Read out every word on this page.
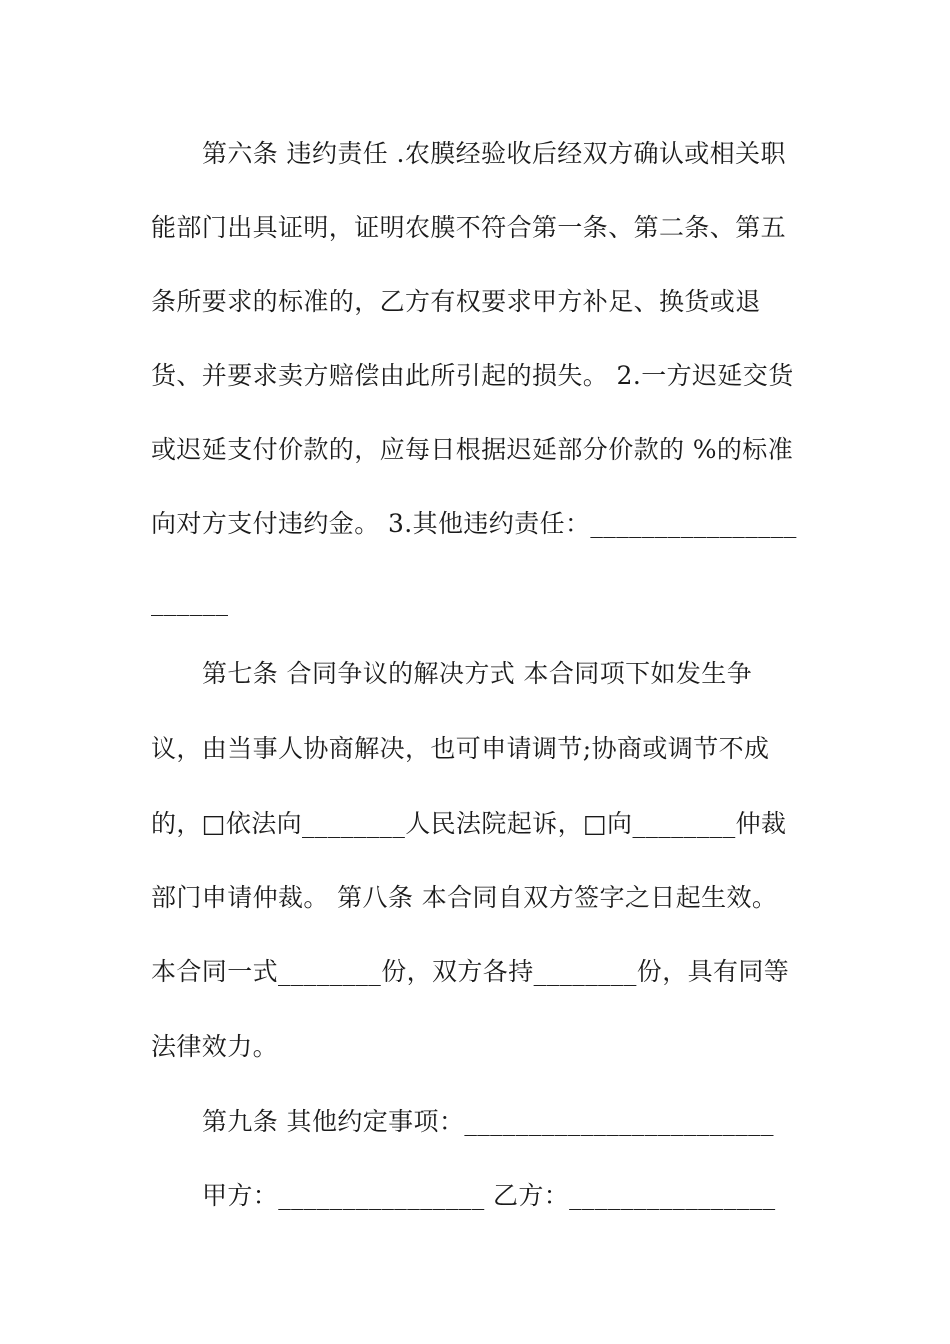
第六条 违约责任 .农膜经验收后经双方确认或相关职
能部门出具证明，证明农膜不符合第一条、第二条、第五
条所要求的标准的，乙方有权要求甲方补足、换货或退
货、并要求卖方赔偿由此所引起的损失。 2.一方迟延交货
或迟延支付价款的，应每日根据迟延部分价款的 %的标准
向对方支付违约金。 3.其他违约责任：________________
______
第七条 合同争议的解决方式 本合同项下如发生争
议，由当事人协商解决，也可申请调节;协商或调节不成
的，□依法向________人民法院起诉，□向________仲裁
部门申请仲裁。 第八条 本合同自双方签字之日起生效。
本合同一式________份，双方各持________份，具有同等
法律效力。
第九条 其他约定事项：________________________
甲方：________________ 乙方：________________
